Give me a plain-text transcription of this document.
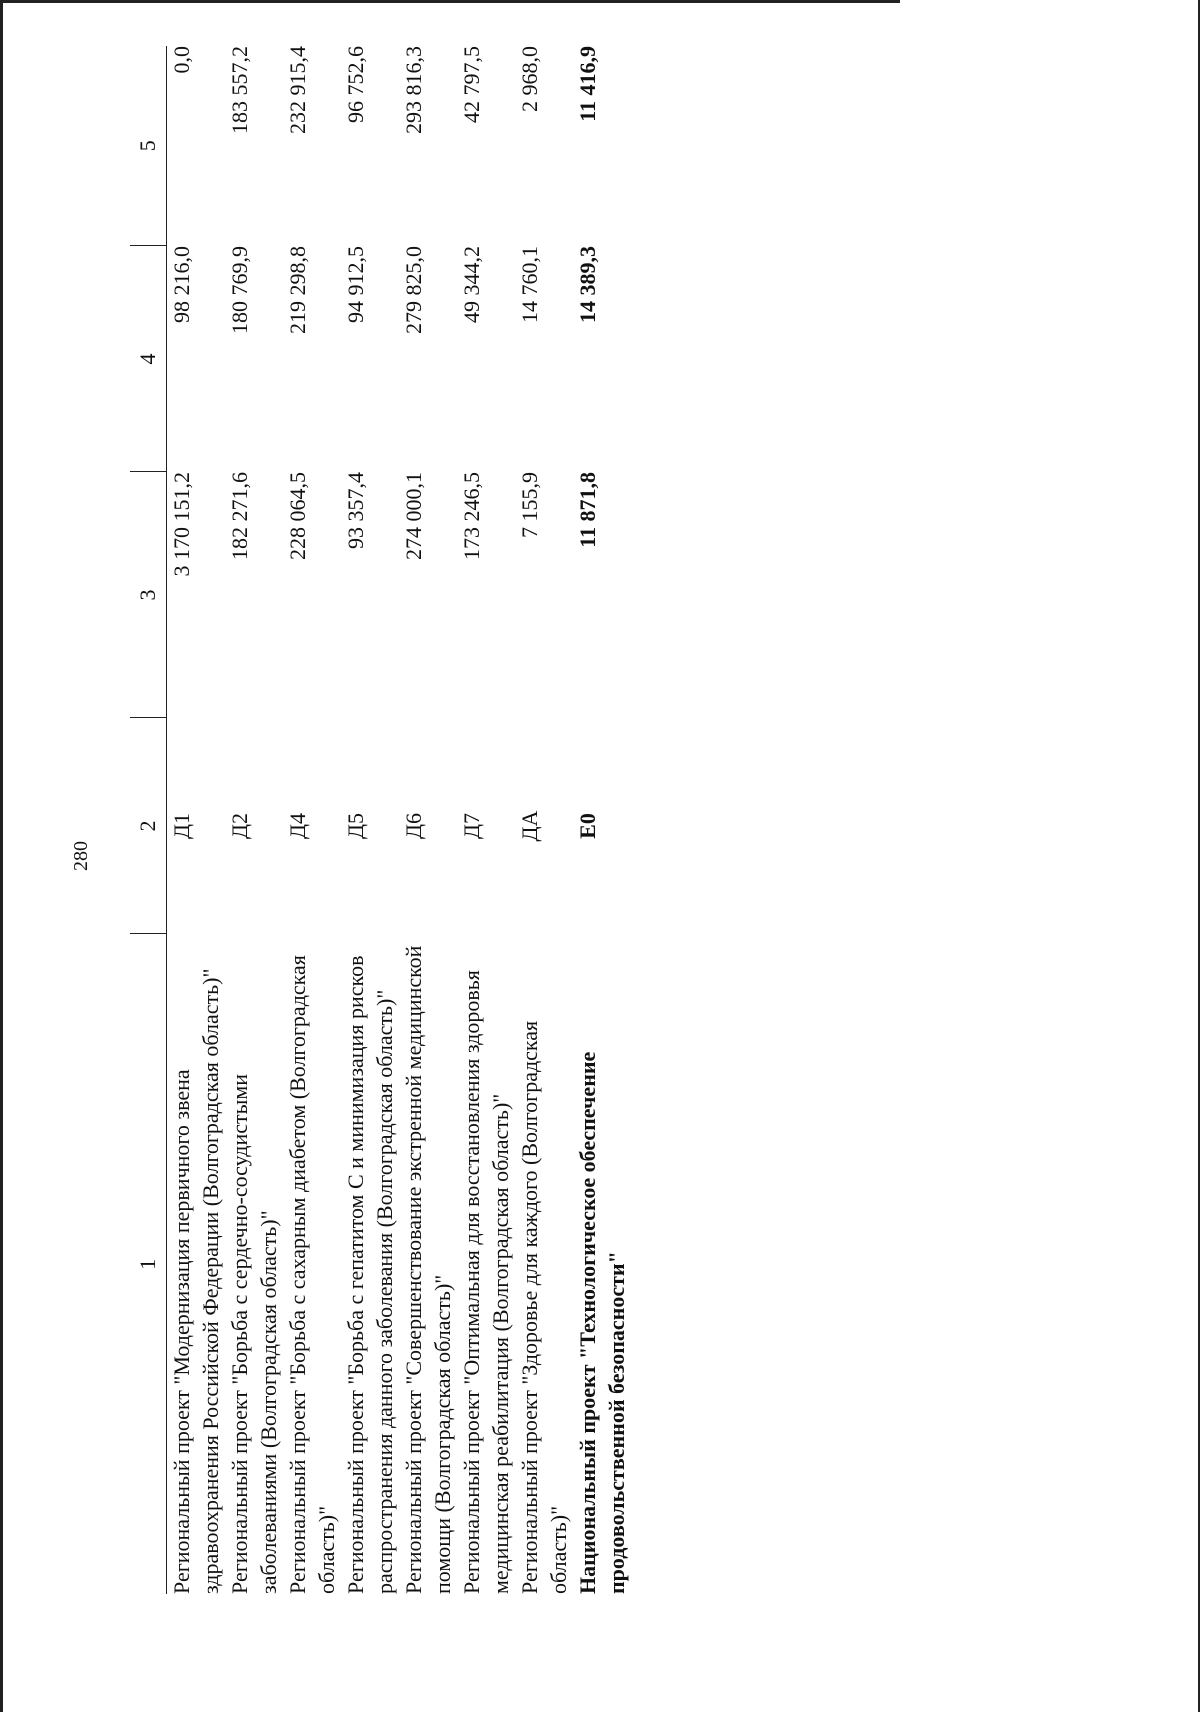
280
1	2	3	4	5
Региональный проект "Модернизация первичного звена здравоохранения Российской Федерации (Волгоградская область)"	Д1	3 170 151,2	98 216,0	0,0
Региональный проект "Борьба с сердечно-сосудистыми заболеваниями (Волгоградская область)"	Д2	182 271,6	180 769,9	183 557,2
Региональный проект "Борьба с сахарным диабетом (Волгоградская область)"	Д4	228 064,5	219 298,8	232 915,4
Региональный проект "Борьба с гепатитом С и минимизация рисков распространения данного заболевания (Волгоградская область)"	Д5	93 357,4	94 912,5	96 752,6
Региональный проект "Совершенствование экстренной медицинской помощи (Волгоградская область)"	Д6	274 000,1	279 825,0	293 816,3
Региональный проект "Оптимальная для восстановления здоровья медицинская реабилитация (Волгоградская область)"	Д7	173 246,5	49 344,2	42 797,5
Региональный проект "Здоровье для каждого (Волгоградская область)"	ДА	7 155,9	14 760,1	2 968,0
Национальный проект "Технологическое обеспечение продовольственной безопасности"	Е0	11 871,8	14 389,3	11 416,9
